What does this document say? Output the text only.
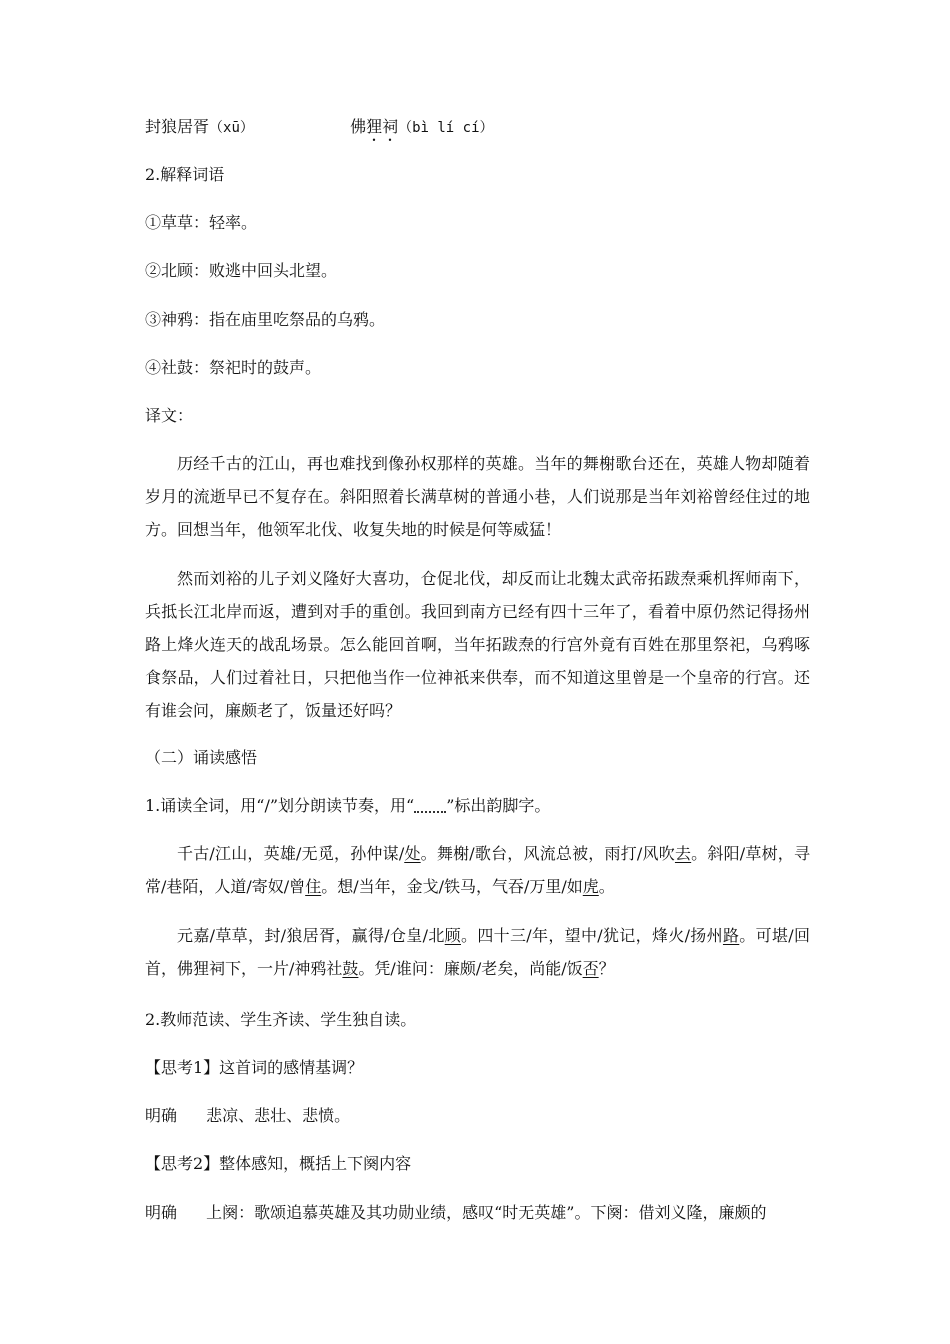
封狼居胥（xū）	佛狸祠（bì lí cí）
2.解释词语
①草草：轻率。
②北顾：败逃中回头北望。
③神鸦：指在庙里吃祭品的乌鸦。
④社鼓：祭祀时的鼓声。
译文：
历经千古的江山，再也难找到像孙权那样的英雄。当年的舞榭歌台还在，英雄人物却随着岁月的流逝早已不复存在。斜阳照着长满草树的普通小巷，人们说那是当年刘裕曾经住过的地方。回想当年，他领军北伐、收复失地的时候是何等威猛！
然而刘裕的儿子刘义隆好大喜功，仓促北伐，却反而让北魏太武帝拓跋焘乘机挥师南下，兵抵长江北岸而返，遭到对手的重创。我回到南方已经有四十三年了，看着中原仍然记得扬州路上烽火连天的战乱场景。怎么能回首啊，当年拓跋焘的行宫外竟有百姓在那里祭祀，乌鸦啄食祭品，人们过着社日，只把他当作一位神祇来供奉，而不知道这里曾是一个皇帝的行宫。还有谁会问，廉颇老了，饭量还好吗？
（二）诵读感悟
1.诵读全词，用“/”划分朗读节奏，用“ ”标出韵脚字。
千古/江山，英雄/无觅，孙仲谋/处。舞榭/歌台，风流总被，雨打/风吹去。斜阳/草树，寻常/巷陌，人道/寄奴/曾住。想/当年，金戈/铁马，气吞/万里/如虎。
元嘉/草草，封/狼居胥，赢得/仓皇/北顾。四十三/年，望中/犹记，烽火/扬州路。可堪/回首，佛狸祠下，一片/神鸦社鼓。凭/谁问：廉颇/老矣，尚能/饭否？
2.教师范读、学生齐读、学生独自读。
【思考1】这首词的感情基调？
明确 悲凉、悲壮、悲愤。
【思考2】整体感知，概括上下阕内容
明确 上阕：歌颂追慕英雄及其功勋业绩，感叹“时无英雄”。下阕：借刘义隆，廉颇的
